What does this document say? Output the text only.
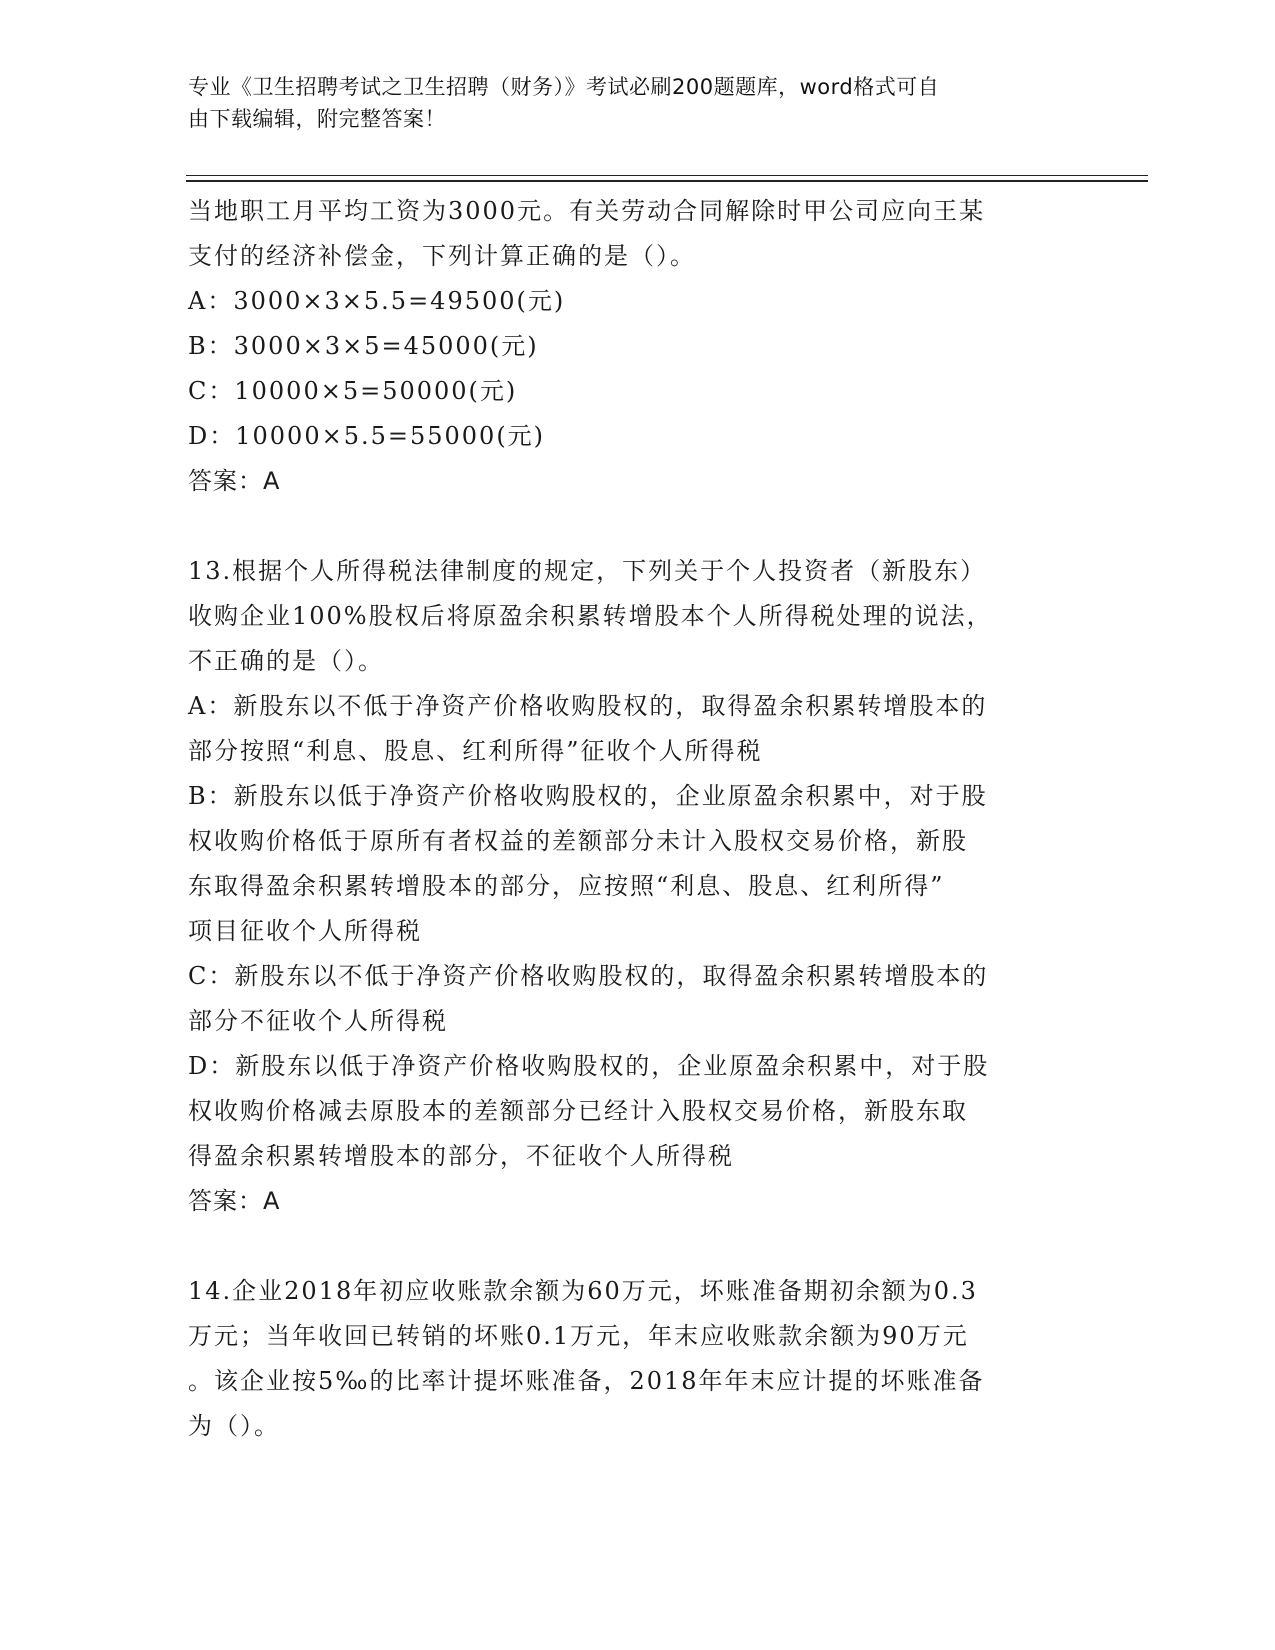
专业《卫生招聘考试之卫生招聘（财务）》考试必刷200题题库，word格式可自
由下载编辑，附完整答案！
当地职工月平均工资为3000元。有关劳动合同解除时甲公司应向王某
支付的经济补偿金，下列计算正确的是（）。
A：3000×3×5.5=49500(元)
B：3000×3×5=45000(元)
C：10000×5=50000(元)
D：10000×5.5=55000(元)
答案：A
13.根据个人所得税法律制度的规定，下列关于个人投资者（新股东）
收购企业100%股权后将原盈余积累转增股本个人所得税处理的说法，
不正确的是（）。
A：新股东以不低于净资产价格收购股权的，取得盈余积累转增股本的
部分按照“利息、股息、红利所得”征收个人所得税
B：新股东以低于净资产价格收购股权的，企业原盈余积累中，对于股
权收购价格低于原所有者权益的差额部分未计入股权交易价格，新股
东取得盈余积累转增股本的部分，应按照“利息、股息、红利所得”
项目征收个人所得税
C：新股东以不低于净资产价格收购股权的，取得盈余积累转增股本的
部分不征收个人所得税
D：新股东以低于净资产价格收购股权的，企业原盈余积累中，对于股
权收购价格减去原股本的差额部分已经计入股权交易价格，新股东取
得盈余积累转增股本的部分，不征收个人所得税
答案：A
14.企业2018年初应收账款余额为60万元，坏账准备期初余额为0.3
万元；当年收回已转销的坏账0.1万元，年末应收账款余额为90万元
。该企业按5‰的比率计提坏账准备，2018年年末应计提的坏账准备
为（）。
